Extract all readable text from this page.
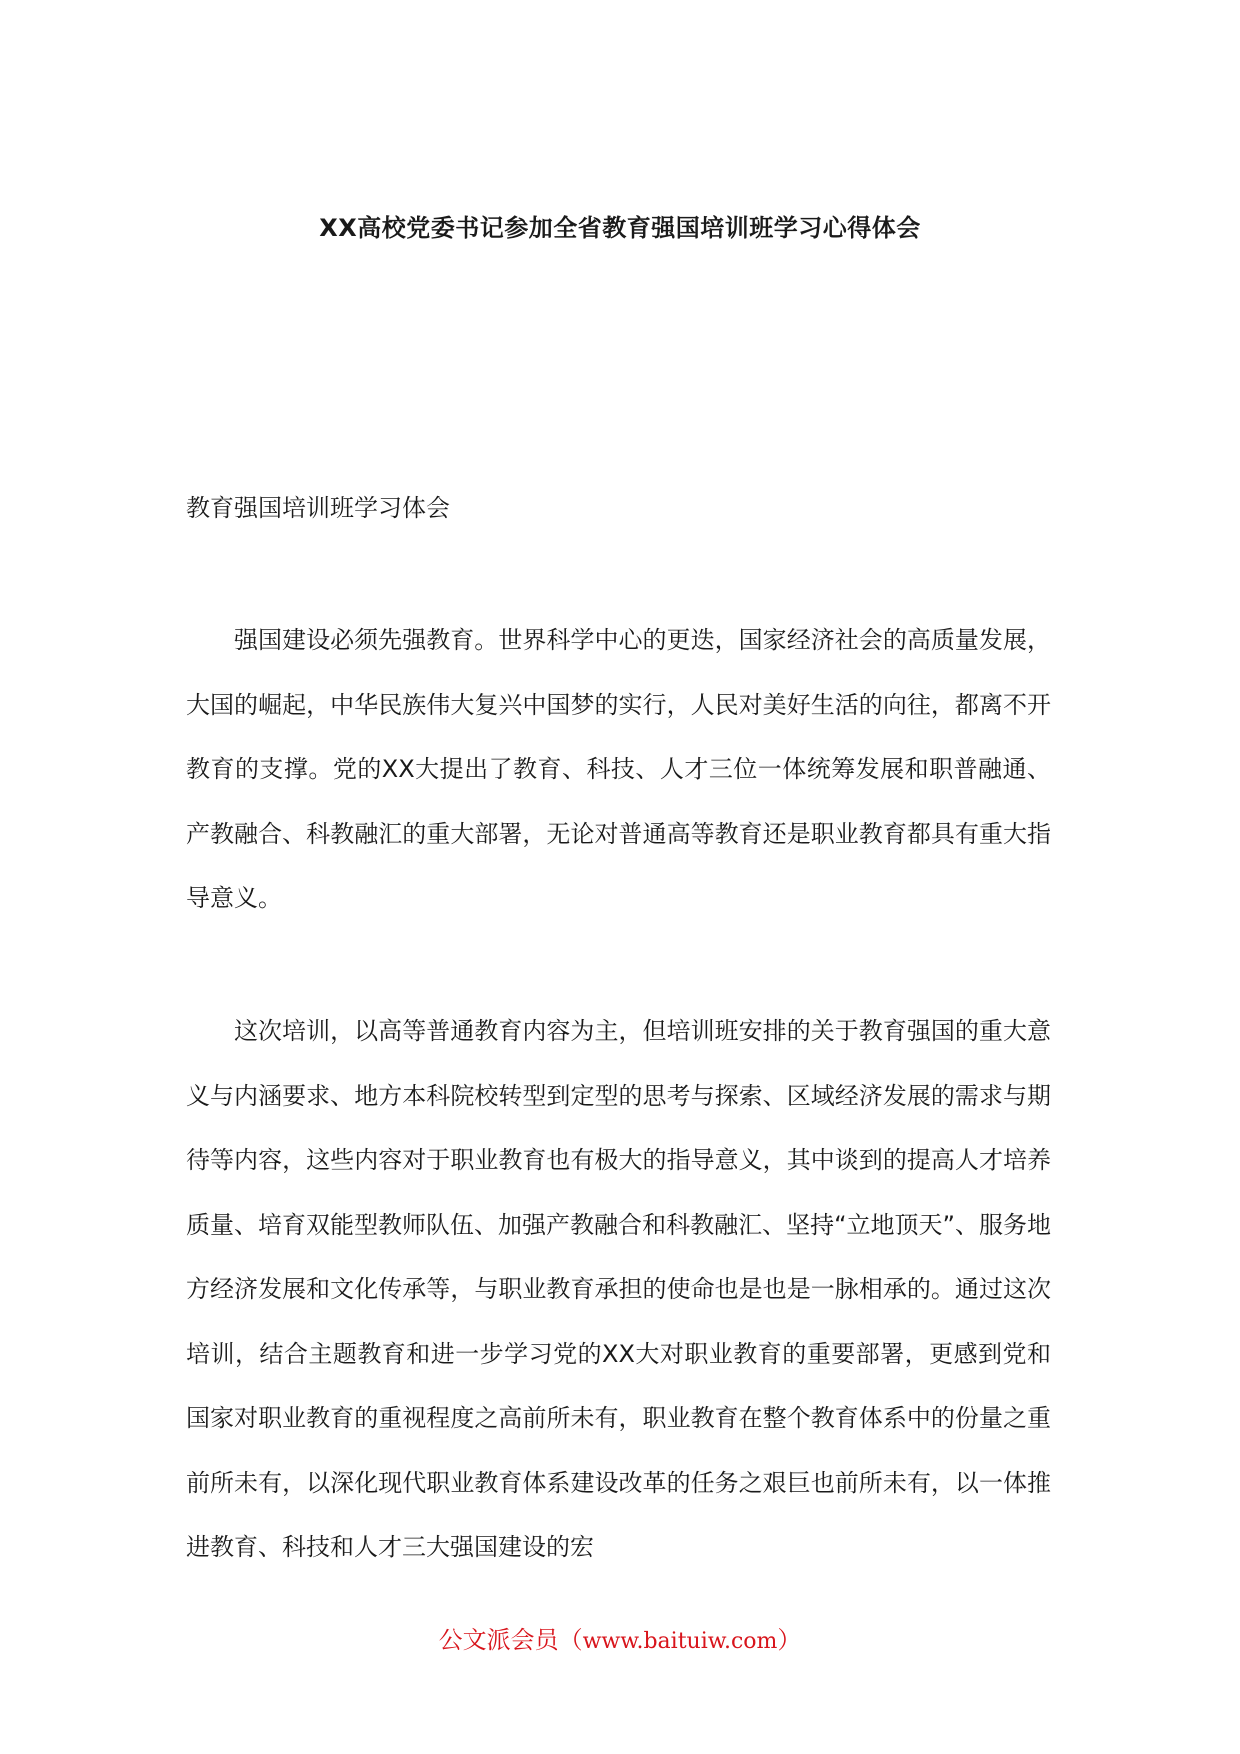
XX高校党委书记参加全省教育强国培训班学习心得体会
教育强国培训班学习体会

强国建设必须先强教育。世界科学中心的更迭，国家经济社会的高质量发展，大国的崛起，中华民族伟大复兴中国梦的实行，人民对美好生活的向往，都离不开教育的支撑。党的XX大提出了教育、科技、人才三位一体统筹发展和职普融通、产教融合、科教融汇的重大部署，无论对普通高等教育还是职业教育都具有重大指导意义。

这次培训，以高等普通教育内容为主，但培训班安排的关于教育强国的重大意义与内涵要求、地方本科院校转型到定型的思考与探索、区域经济发展的需求与期待等内容，这些内容对于职业教育也有极大的指导意义，其中谈到的提高人才培养质量、培育双能型教师队伍、加强产教融合和科教融汇、坚持“立地顶天”、服务地方经济发展和文化传承等，与职业教育承担的使命也是也是一脉相承的。通过这次培训，结合主题教育和进一步学习党的XX大对职业教育的重要部署，更感到党和国家对职业教育的重视程度之高前所未有，职业教育在整个教育体系中的份量之重前所未有，以深化现代职业教育体系建设改革的任务之艰巨也前所未有，以一体推进教育、科技和人才三大强国建设的宏

公文派会员（www.baituiw.com）
